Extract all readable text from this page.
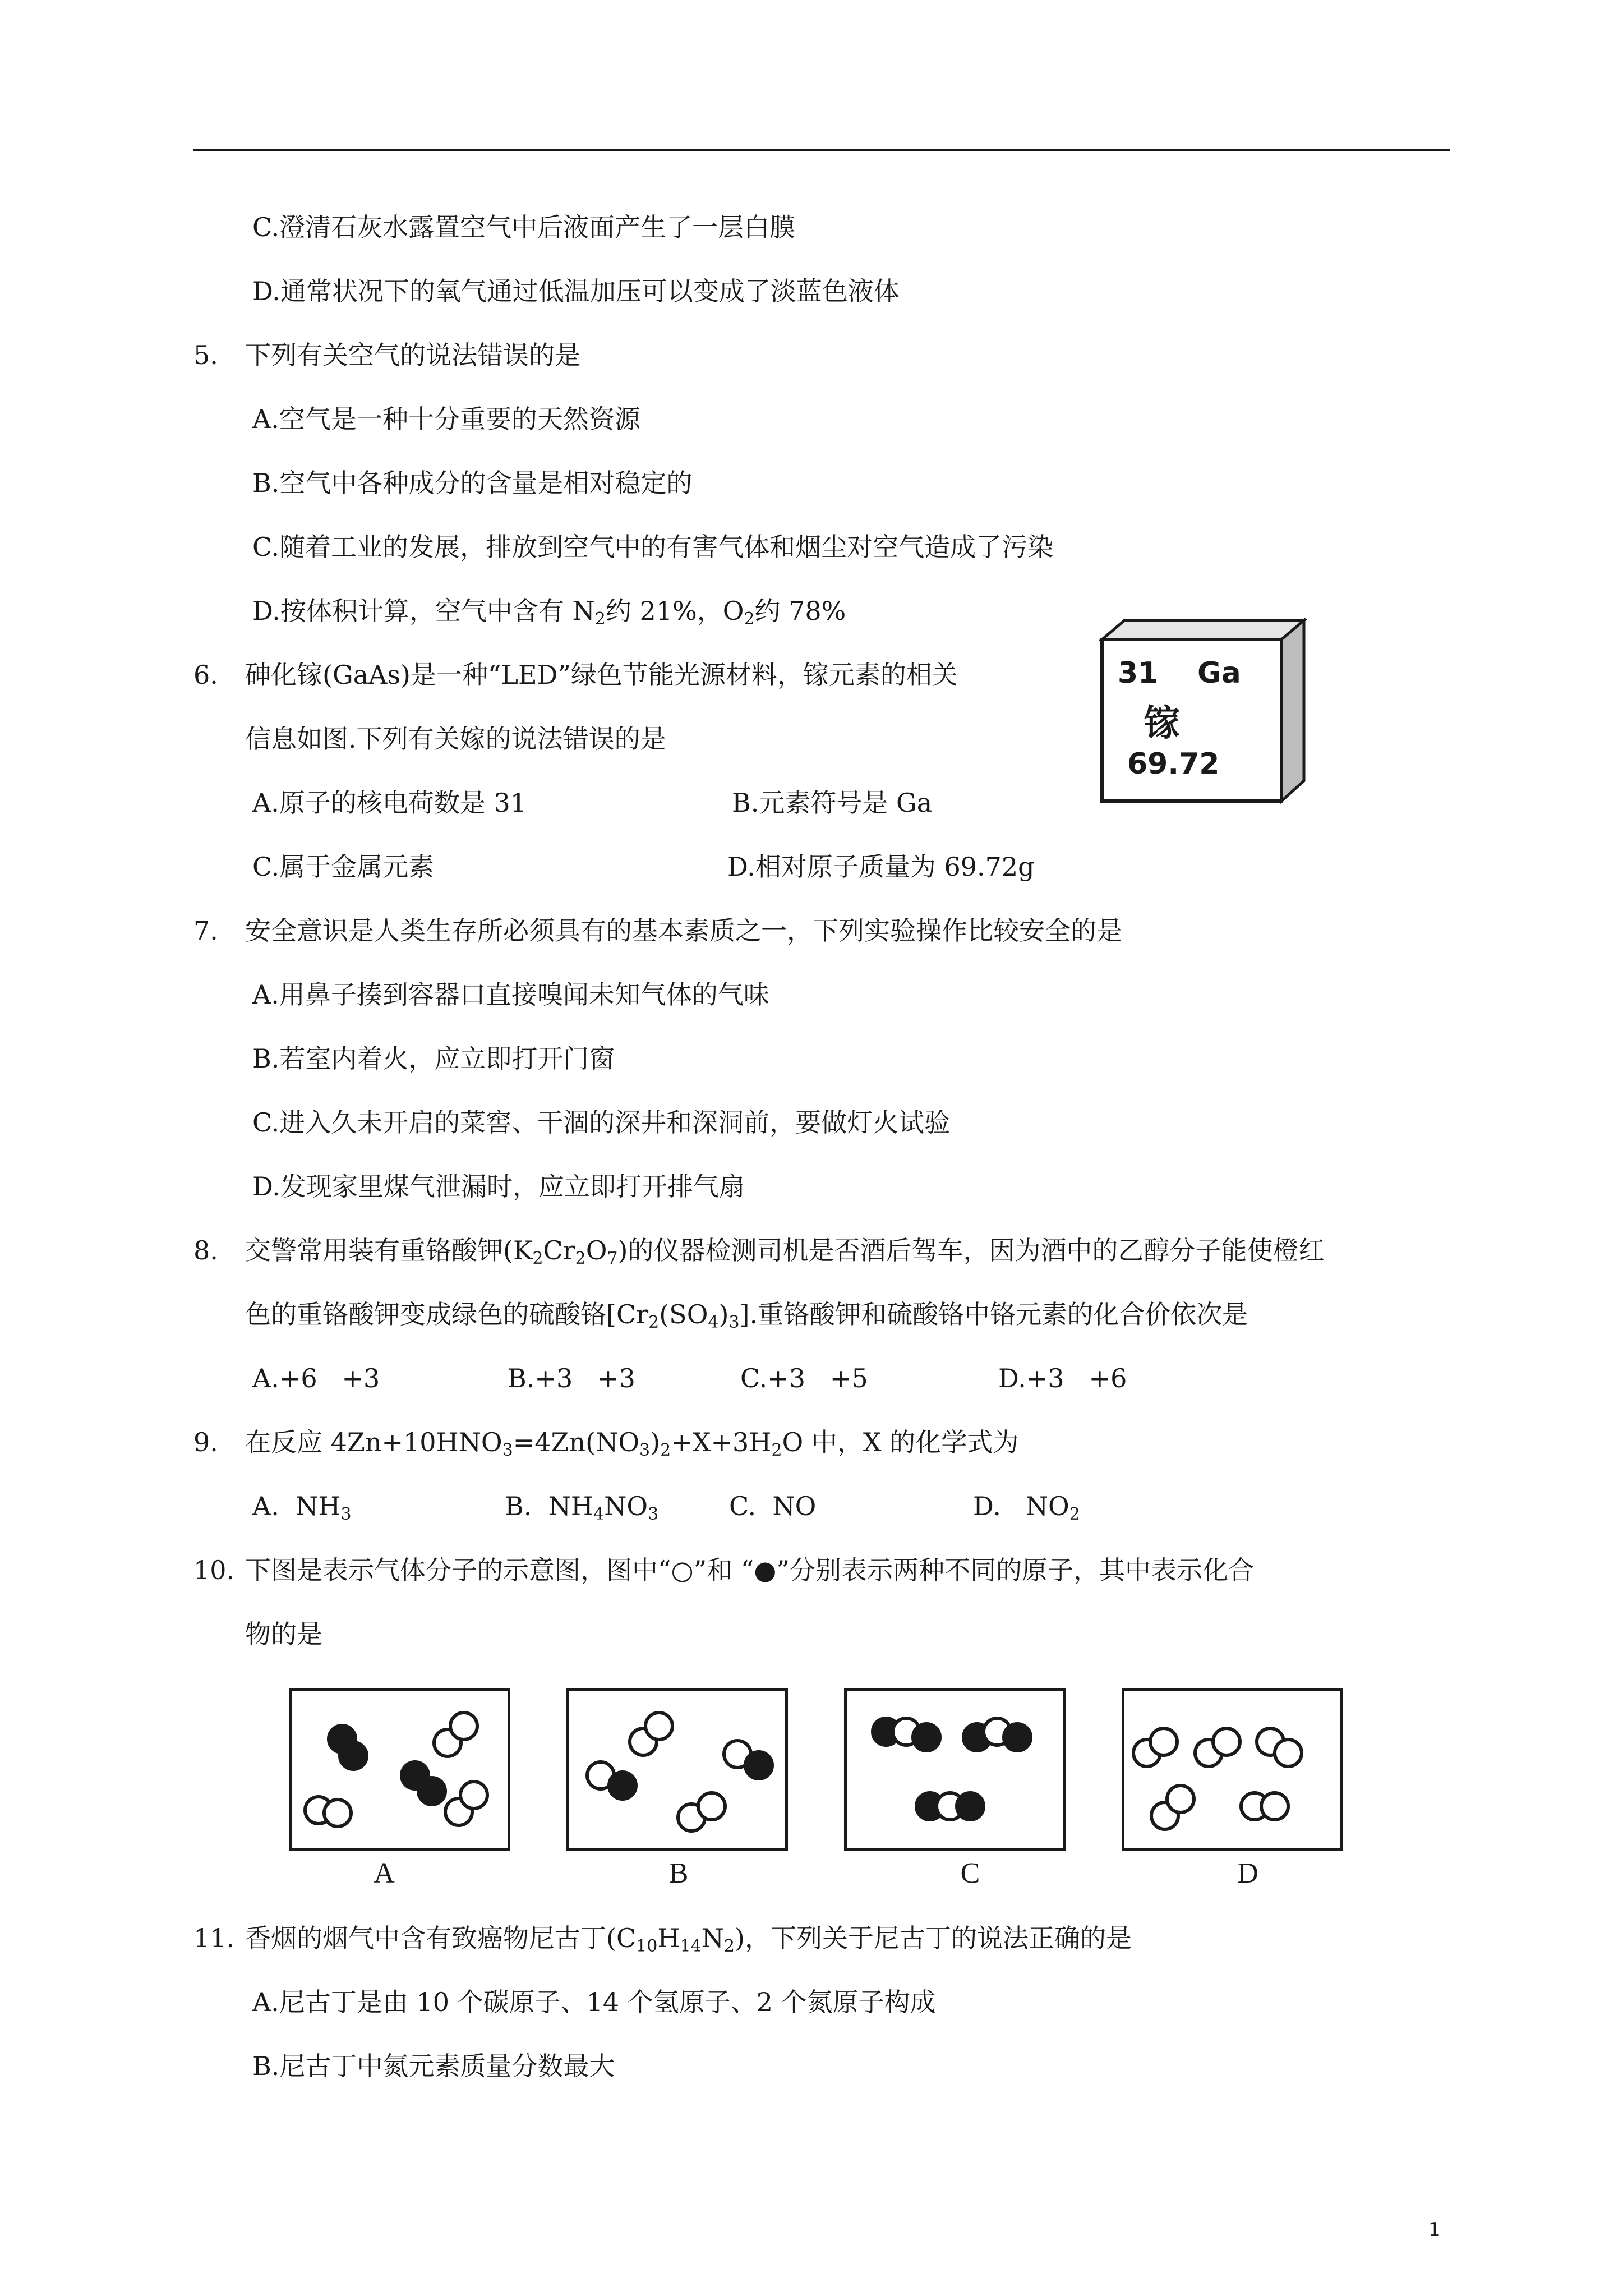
C.澄清石灰水露置空气中后液面产生了一层白膜
D.通常状况下的氧气通过低温加压可以变成了淡蓝色液体
5. 下列有关空气的说法错误的是
A.空气是一种十分重要的天然资源
B.空气中各种成分的含量是相对稳定的
C.随着工业的发展，排放到空气中的有害气体和烟尘对空气造成了污染
D.按体积计算，空气中含有 $N_2$约 21%，$O_2$约 78%
6. 砷化镓(GaAs)是一种“LED”绿色节能光源材料，镓元素的相关
信息如图.下列有关嫁的说法错误的是
A.原子的核电荷数是 31	B.元素符号是 Ga
C.属于金属元素	D.相对原子质量为 69.72g
31 Ga
镓
69.72
7. 安全意识是人类生存所必须具有的基本素质之一，下列实验操作比较安全的是
A.用鼻子揍到容器口直接嗅闻未知气体的气味
B.若室内着火，应立即打开门窗
C.进入久未开启的菜窖、干涸的深井和深洞前，要做灯火试验
D.发现家里煤气泄漏时，应立即打开排气扇
8. 交警常用装有重铬酸钾$(K_2Cr_2O_7)$的仪器检测司机是否酒后驾车，因为酒中的乙醇分子能使橙红
色的重铬酸钾变成绿色的硫酸铬$[Cr_2(SO_4)_3]$.重铬酸钾和硫酸铬中铬元素的化合价依次是
A.+6   +3	B.+3   +3	C.+3   +5	D.+3   +6
9. 在反应 $4Zn+10HNO_3=4Zn(NO_3)_2+X+3H_2O$ 中，X 的化学式为
A.  $NH_3$	B.  $NH_4NO_3$	C.  NO	D.   $NO_2$
10. 下图是表示气体分子的示意图，图中“○”和 “●”分别表示两种不同的原子，其中表示化合
物的是
A	B	C	D
11. 香烟的烟气中含有致癌物尼古丁$(C_{10}H_{14}N_2)$，下列关于尼古丁的说法正确的是
A.尼古丁是由 10 个碳原子、14 个氢原子、2 个氮原子构成
B.尼古丁中氮元素质量分数最大
1
